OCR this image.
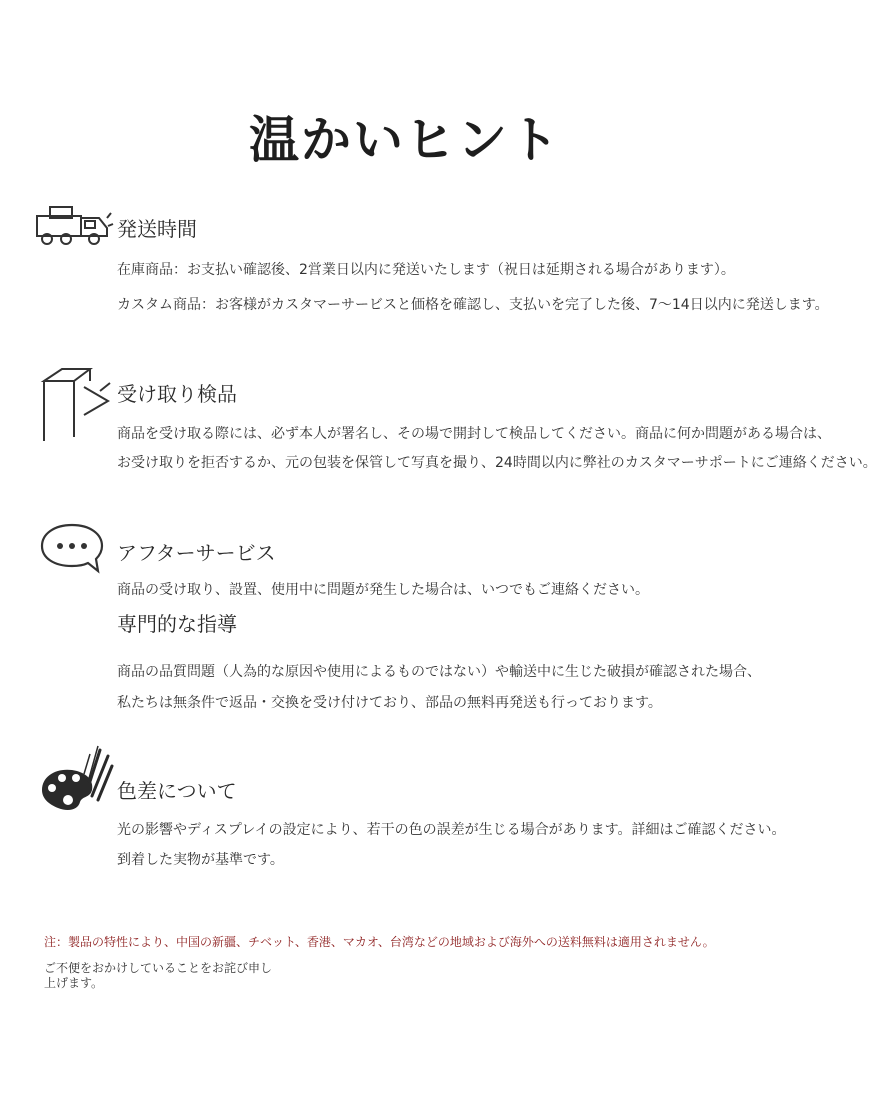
温かいヒント
発送時間
在庫商品：お支払い確認後、2営業日以内に発送いたします（祝日は延期される場合があります）。
カスタム商品：お客様がカスタマーサービスと価格を確認し、支払いを完了した後、7〜14日以内に発送します。
受け取り検品
商品を受け取る際には、必ず本人が署名し、その場で開封して検品してください。商品に何か問題がある場合は、
お受け取りを拒否するか、元の包装を保管して写真を撮り、24時間以内に弊社のカスタマーサポートにご連絡ください。
アフターサービス
商品の受け取り、設置、使用中に問題が発生した場合は、いつでもご連絡ください。
専門的な指導
商品の品質問題（人為的な原因や使用によるものではない）や輸送中に生じた破損が確認された場合、
私たちは無条件で返品・交換を受け付けており、部品の無料再発送も行っております。
色差について
光の影響やディスプレイの設定により、若干の色の誤差が生じる場合があります。詳細はご確認ください。
到着した実物が基準です。
注：製品の特性により、中国の新疆、チベット、香港、マカオ、台湾などの地域および海外への送料無料は適用されません。
ご不便をおかけしていることをお詫び申し上げます。
